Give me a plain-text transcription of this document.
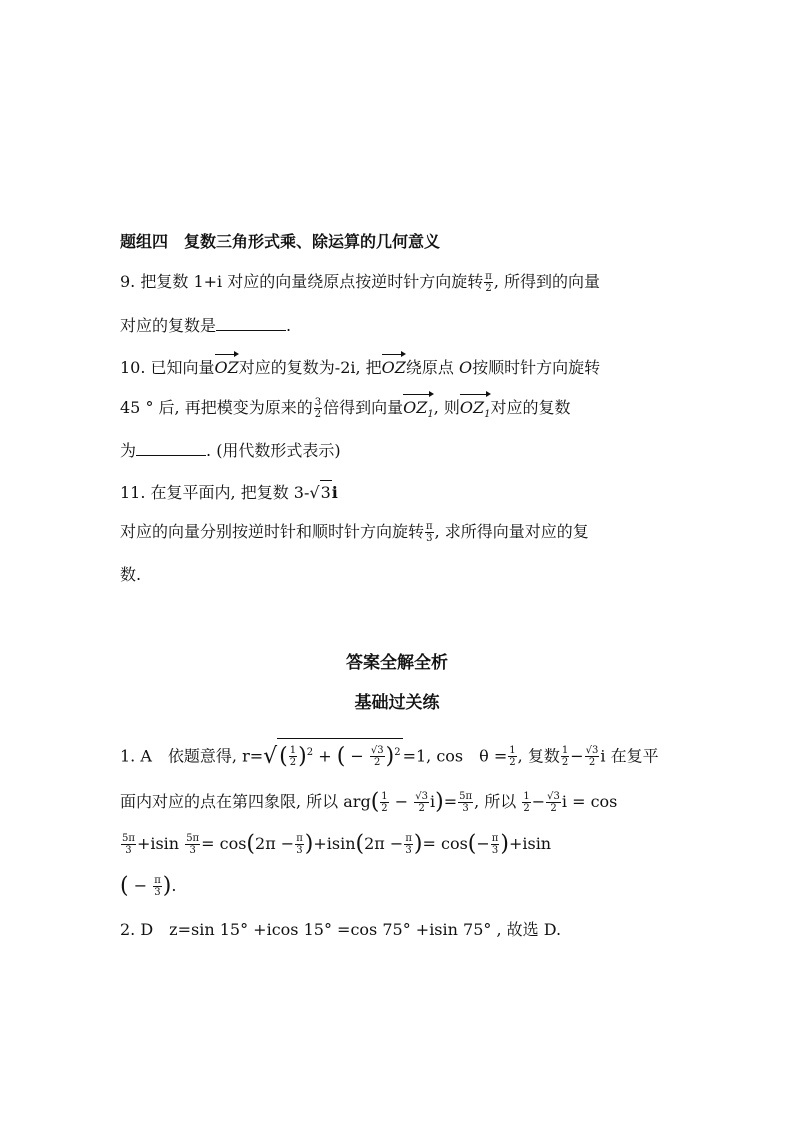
题组四　复数三角形式乘、除运算的几何意义
9. 把复数 1+i 对应的向量绕原点按逆时针方向旋转 $\frac{\pi}{2}$ , 所得到的向量
对应的复数是	.
10. 已知向量OZ对应的复数为-2i, 把OZ绕原点 O按顺时针方向旋转
45 ° 后, 再把模变为原来的 $\frac{3}{2}$ 倍得到向量$OZ_1$, 则$OZ_1$对应的复数
为	. (用代数形式表示)
11. 在复平面内, 把复数 3-√3i
对应的向量分别按逆时针和顺时针方向旋转 $\frac{\pi}{3}$ , 求所得向量对应的复
数.
答案全解全析
基础过关练
1. A　依题意得, $r=√( \frac{1}{2} )^2$ + ( − $\frac{√3}{2} )^2 =1$, cos　$\theta = \frac{1}{2}$ , 复数 $\frac{1}{2} - \frac{√3}{2}$ i 在复平
面内对应的点在第四象限, 所以 $arg( \frac{1}{2} - \frac{√3}{2} i)= \frac{5\pi}{3}$ , 所以 $\frac{1}{2} - \frac{√3}{2}$ i = cos
$\frac{5\pi}{3} +isin \frac{5\pi}{3} = \cos(2\pi - \frac{\pi}{3} )+isin(2\pi - \frac{\pi}{3}$ )= $\cos(- \frac{\pi}{3} )+isin$
( − $\frac{\pi}{3}$ ).
2. D　z=sin 15° +icos 15° =cos 75° +isin 75° , 故选 D.
